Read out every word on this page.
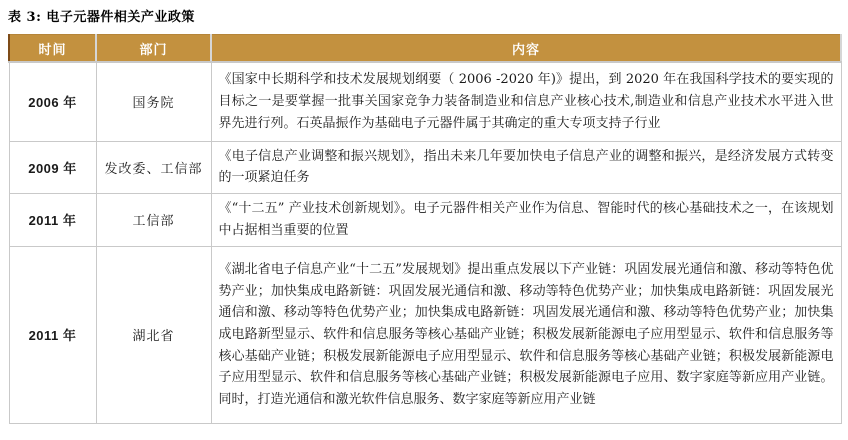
表 3: 电子元器件相关产业政策
时间	部门	内容
2006 年	国务院	《国家中长期科学和技术发展规划纲要（ 2006 -2020 年)》提出，到 2020 年在我国科学技术的要实现的目标之一是要掌握一批事关国家竞争力装备制造业和信息产业核心技术,制造业和信息产业技术水平进入世界先进行列。石英晶振作为基础电子元器件属于其确定的重大专项支持子行业
2009 年	发改委、工信部	《电子信息产业调整和振兴规划》，指出未来几年要加快电子信息产业的调整和振兴，是经济发展方式转变的一项紧迫任务
2011 年	工信部	《“十二五” 产业技术创新规划》。电子元器件相关产业作为信息、智能时代的核心基础技术之一，在该规划中占据相当重要的位置
2011 年	湖北省	《湖北省电子信息产业“十二五”发展规划》提出重点发展以下产业链：巩固发展光通信和激、移动等特色优势产业；加快集成电路新链：巩固发展光通信和激、移动等特色优势产业；加快集成电路新链：巩固发展光通信和激、移动等特色优势产业；加快集成电路新链：巩固发展光通信和激、移动等特色优势产业；加快集成电路新型显示、软件和信息服务等核心基础产业链；积极发展新能源电子应用型显示、软件和信息服务等核心基础产业链；积极发展新能源电子应用型显示、软件和信息服务等核心基础产业链；积极发展新能源电子应用型显示、软件和信息服务等核心基础产业链；积极发展新能源电子应用、数字家庭等新应用产业链。同时，打造光通信和激光软件信息服务、数字家庭等新应用产业链
